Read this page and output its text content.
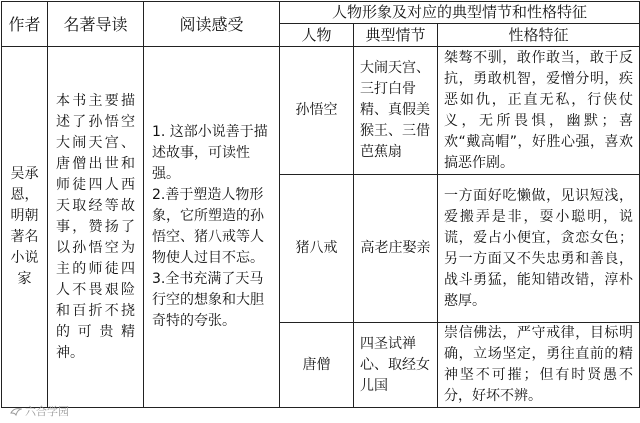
作者	名著导读	阅读感受	人物形象及对应的典型情节和性格特征		
			人物	典型情节	性格特征
吴承恩，明朝著名小说家	本书主要描述了孙悟空大闹天宫、唐僧出世和师徒四人西天取经等故事，赞扬了以孙悟空为主的师徒四人不畏艰险和百折不挠的可贵精神。	1. 这部小说善于描述故事，可读性强。
2.善于塑造人物形象，它所塑造的孙悟空、猪八戒等人物使人过目不忘。
3.全书充满了天马行空的想象和大胆奇特的夸张。	孙悟空	大闹天宫、三打白骨精、真假美猴王、三借芭蕉扇	桀骜不驯，敢作敢当，敢于反抗，勇敢机智，爱憎分明，疾恶如仇，正直无私，行侠仗义，无所畏惧，幽默；喜欢“戴高帽”，好胜心强，喜欢搞恶作剧。
			猪八戒	高老庄娶亲	一方面好吃懒做，见识短浅，爱搬弄是非，耍小聪明，说谎，爱占小便宜，贪恋女色；另一方面又不失忠勇和善良，战斗勇猛，能知错改错，淳朴憨厚。
			唐僧	四圣试禅心、取经女儿国	崇信佛法，严守戒律，目标明确，立场坚定，勇往直前的精神坚不可摧；但有时贤愚不分，好坏不辨。
六合学园
